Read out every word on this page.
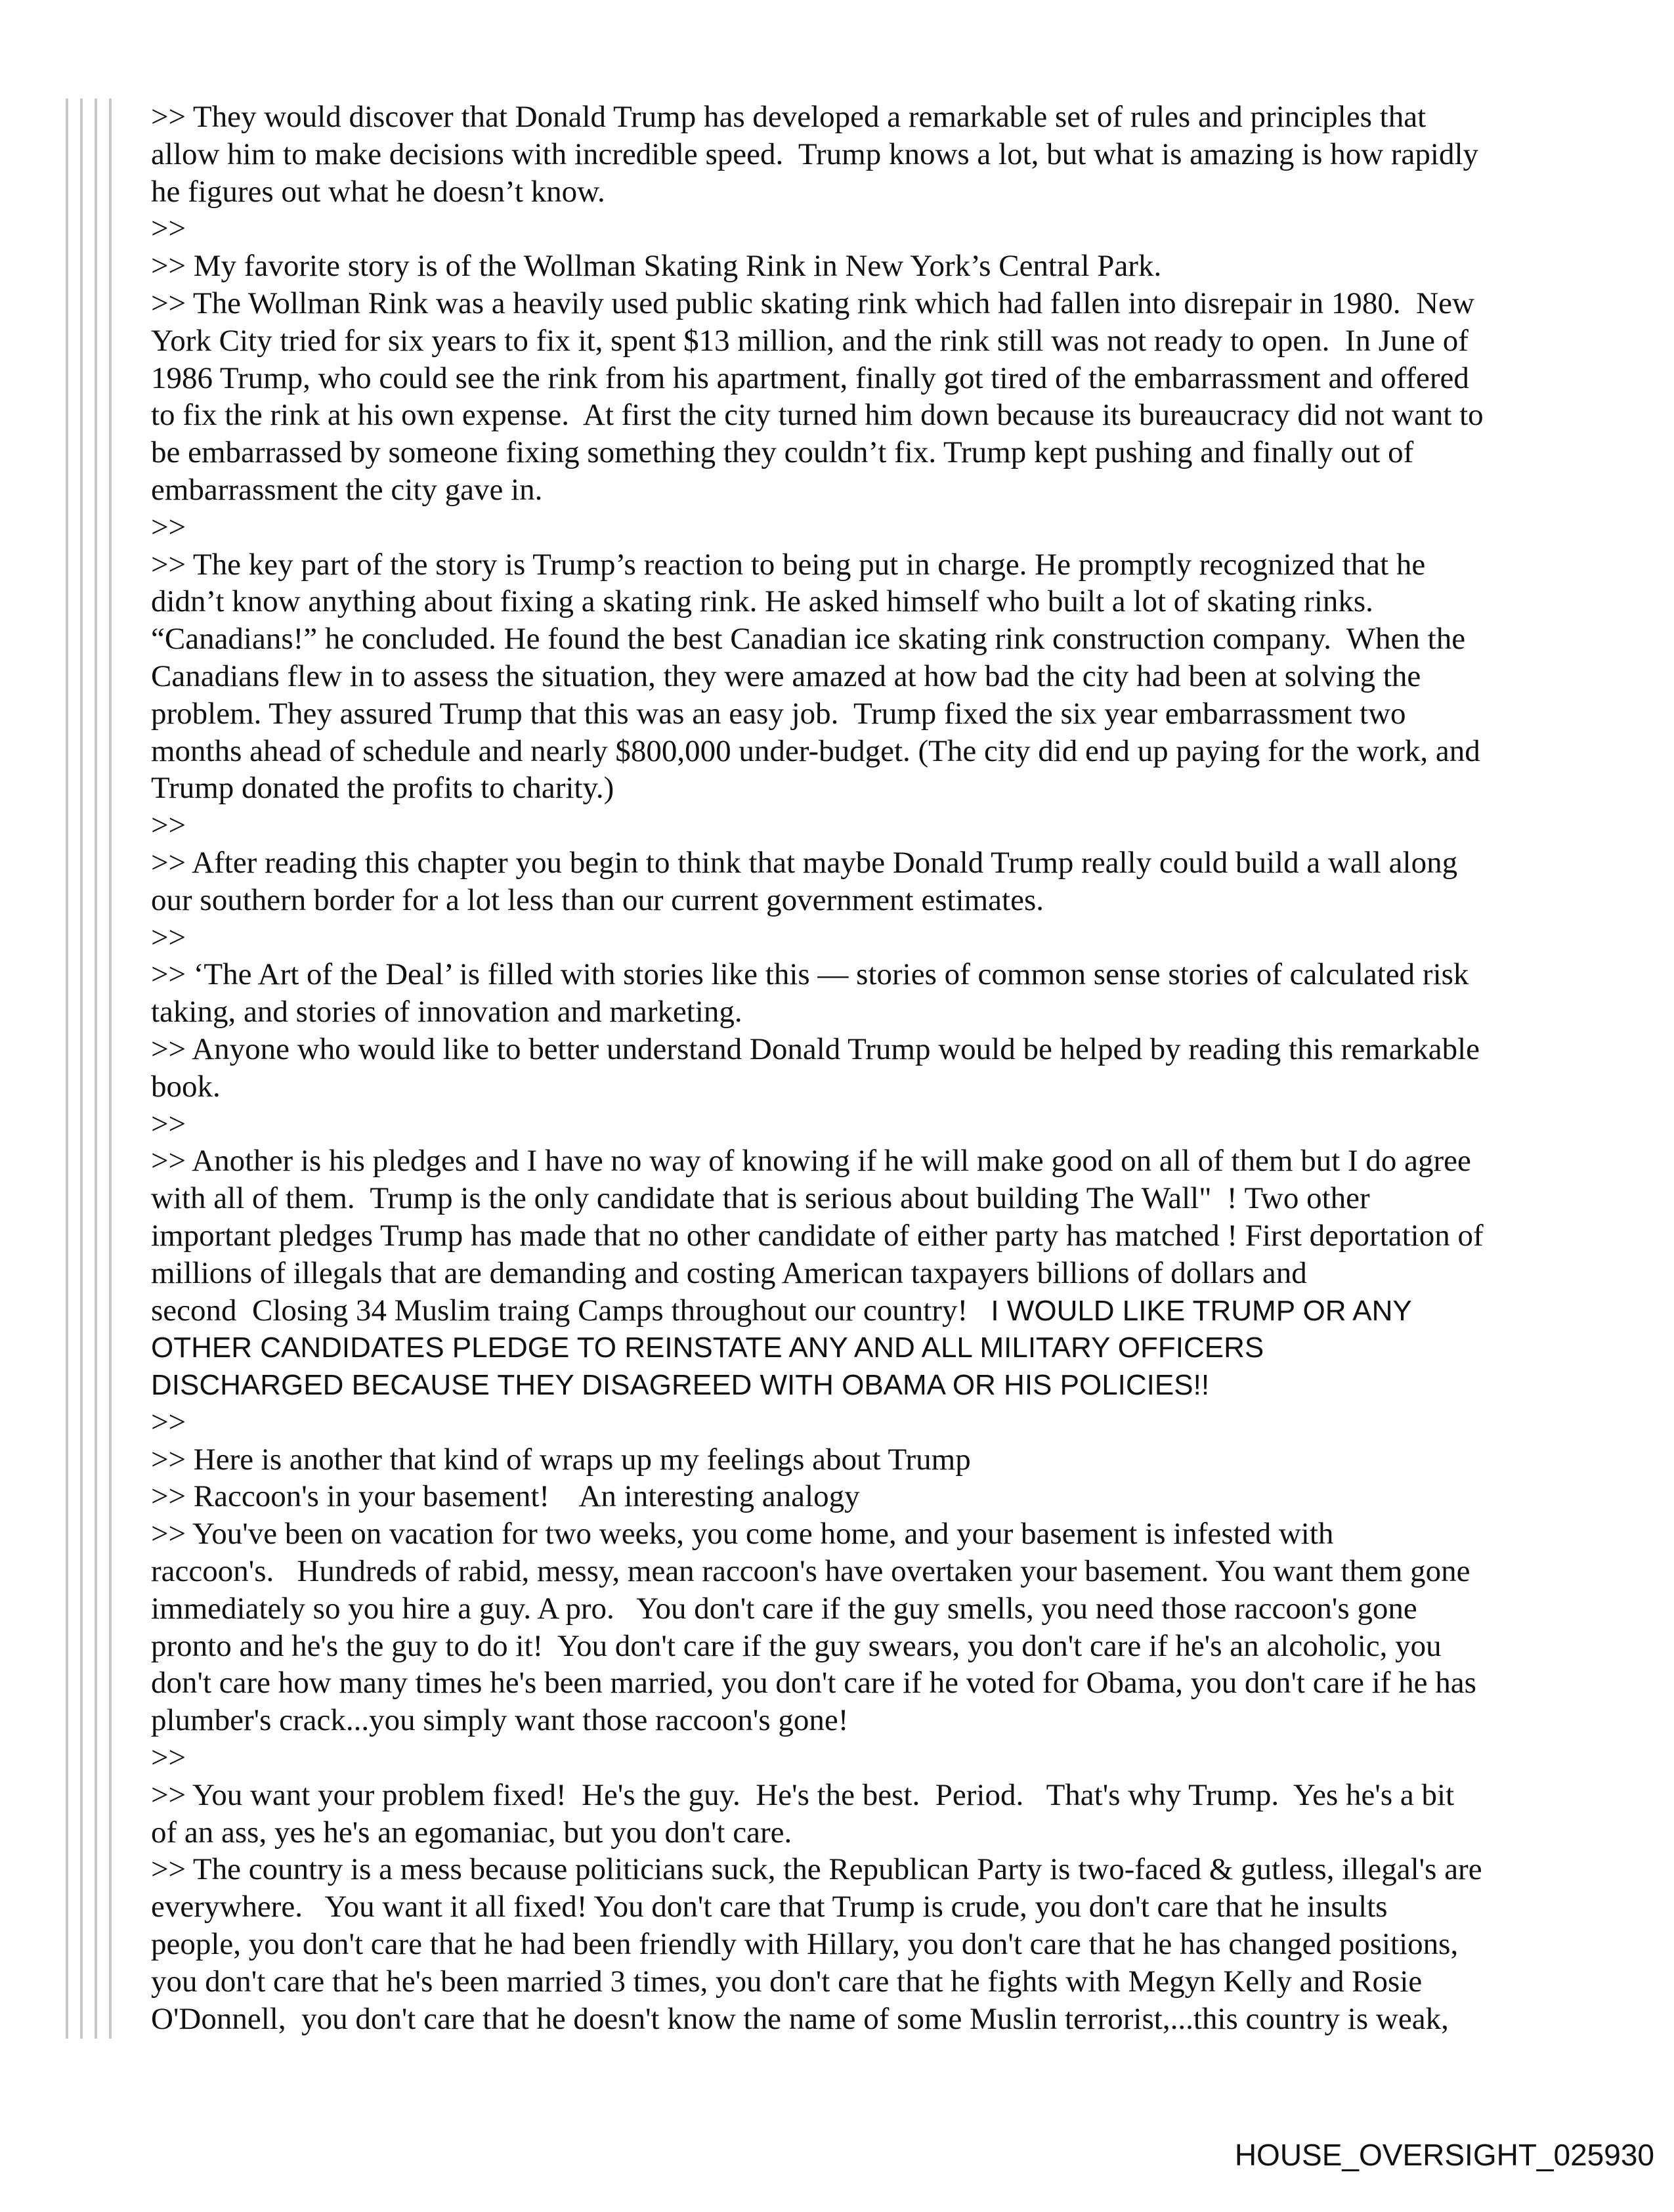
>> They would discover that Donald Trump has developed a remarkable set of rules and principles that
allow him to make decisions with incredible speed.  Trump knows a lot, but what is amazing is how rapidly
he figures out what he doesn’t know.
>>
>> My favorite story is of the Wollman Skating Rink in New York’s Central Park.
>> The Wollman Rink was a heavily used public skating rink which had fallen into disrepair in 1980.  New
York City tried for six years to fix it, spent $13 million, and the rink still was not ready to open.  In June of
1986 Trump, who could see the rink from his apartment, finally got tired of the embarrassment and offered
to fix the rink at his own expense.  At first the city turned him down because its bureaucracy did not want to
be embarrassed by someone fixing something they couldn’t fix. Trump kept pushing and finally out of
embarrassment the city gave in.
>>
>> The key part of the story is Trump’s reaction to being put in charge. He promptly recognized that he
didn’t know anything about fixing a skating rink. He asked himself who built a lot of skating rinks.
“Canadians!” he concluded. He found the best Canadian ice skating rink construction company.  When the
Canadians flew in to assess the situation, they were amazed at how bad the city had been at solving the
problem. They assured Trump that this was an easy job.  Trump fixed the six year embarrassment two
months ahead of schedule and nearly $800,000 under-budget. (The city did end up paying for the work, and
Trump donated the profits to charity.)
>>
>> After reading this chapter you begin to think that maybe Donald Trump really could build a wall along
our southern border for a lot less than our current government estimates.
>>
>> ‘The Art of the Deal’ is filled with stories like this — stories of common sense stories of calculated risk
taking, and stories of innovation and marketing.
>> Anyone who would like to better understand Donald Trump would be helped by reading this remarkable
book.
>>
>> Another is his pledges and I have no way of knowing if he will make good on all of them but I do agree
with all of them.  Trump is the only candidate that is serious about building The Wall"  ! Two other
important pledges Trump has made that no other candidate of either party has matched ! First deportation of
millions of illegals that are demanding and costing American taxpayers billions of dollars and
second  Closing 34 Muslim traing Camps throughout our country!   I WOULD LIKE TRUMP OR ANY
OTHER CANDIDATES PLEDGE TO REINSTATE ANY AND ALL MILITARY OFFICERS
DISCHARGED BECAUSE THEY DISAGREED WITH OBAMA OR HIS POLICIES!!
>>
>> Here is another that kind of wraps up my feelings about Trump
>> Raccoon's in your basement!    An interesting analogy
>> You've been on vacation for two weeks, you come home, and your basement is infested with
raccoon's.   Hundreds of rabid, messy, mean raccoon's have overtaken your basement. You want them gone
immediately so you hire a guy. A pro.   You don't care if the guy smells, you need those raccoon's gone
pronto and he's the guy to do it!  You don't care if the guy swears, you don't care if he's an alcoholic, you
don't care how many times he's been married, you don't care if he voted for Obama, you don't care if he has
plumber's crack...you simply want those raccoon's gone!
>>
>> You want your problem fixed!  He's the guy.  He's the best.  Period.   That's why Trump.  Yes he's a bit
of an ass, yes he's an egomaniac, but you don't care.
>> The country is a mess because politicians suck, the Republican Party is two-faced & gutless, illegal's are
everywhere.   You want it all fixed! You don't care that Trump is crude, you don't care that he insults
people, you don't care that he had been friendly with Hillary, you don't care that he has changed positions,
you don't care that he's been married 3 times, you don't care that he fights with Megyn Kelly and Rosie
O'Donnell,  you don't care that he doesn't know the name of some Muslin terrorist,...this country is weak,
HOUSE_OVERSIGHT_025930
